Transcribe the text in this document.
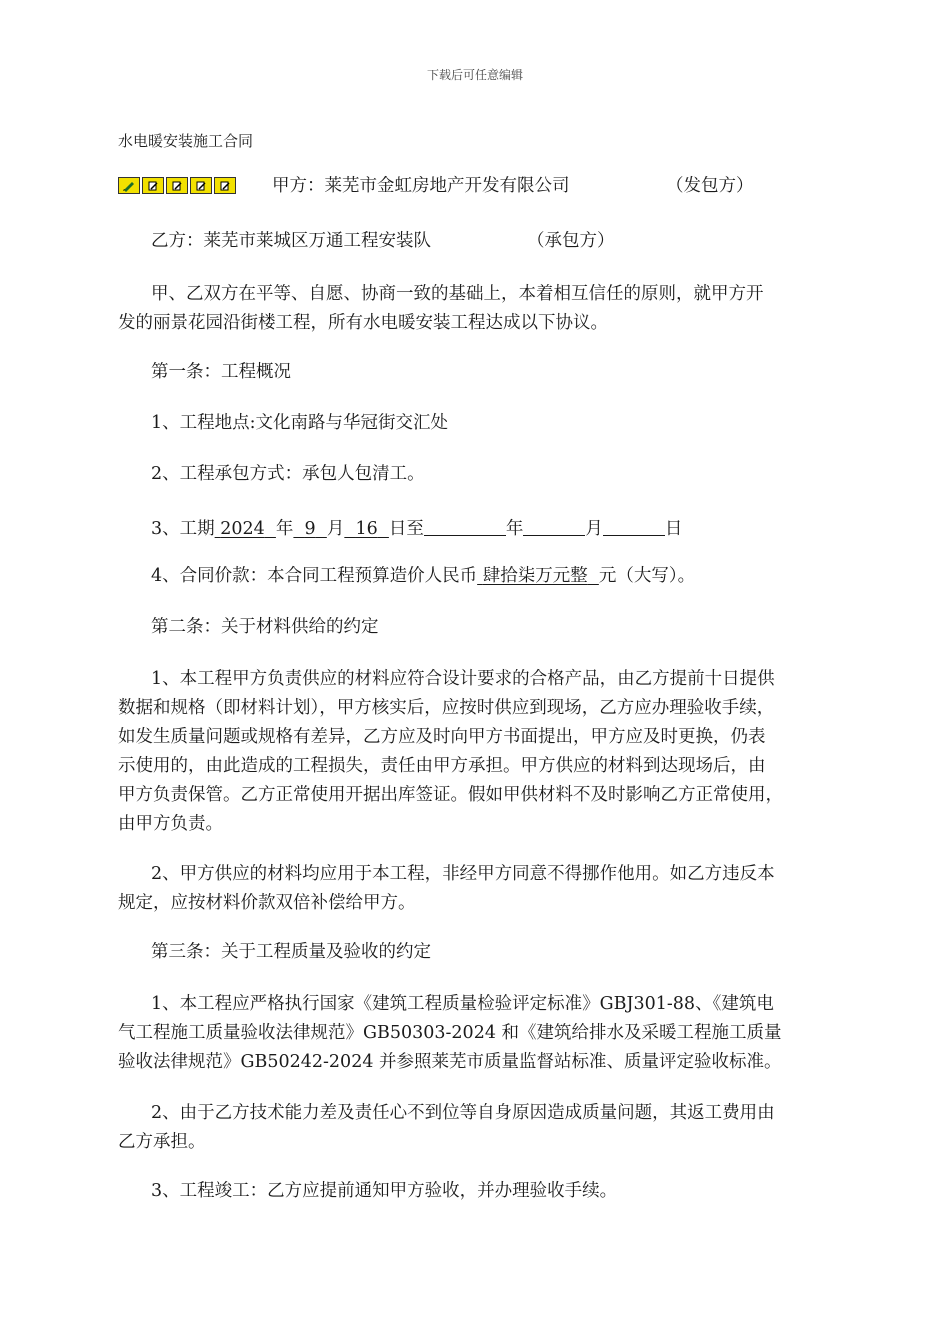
下载后可任意编辑
水电暖安装施工合同
甲方：莱芜市金虹房地产开发有限公司	（发包方）
乙方：莱芜市莱城区万通工程安装队	（承包方）
甲、乙双方在平等、自愿、协商一致的基础上，本着相互信任的原则，就甲方开
发的丽景花园沿街楼工程，所有水电暖安装工程达成以下协议。
第一条：工程概况
1、工程地点:文化南路与华冠街交汇处
2、工程承包方式：承包人包清工。
3、工期 2024 年 9 月 16 日至	年	月	日
4、合同价款：本合同工程预算造价人民币 肆拾柒万元整 元（大写）。
第二条：关于材料供给的约定
1、本工程甲方负责供应的材料应符合设计要求的合格产品，由乙方提前十日提供
数据和规格（即材料计划），甲方核实后，应按时供应到现场，乙方应办理验收手续，
如发生质量问题或规格有差异，乙方应及时向甲方书面提出，甲方应及时更换，仍表
示使用的，由此造成的工程损失，责任由甲方承担。甲方供应的材料到达现场后，由
甲方负责保管。乙方正常使用开据出库签证。假如甲供材料不及时影响乙方正常使用，
由甲方负责。
2、甲方供应的材料均应用于本工程，非经甲方同意不得挪作他用。如乙方违反本
规定，应按材料价款双倍补偿给甲方。
第三条：关于工程质量及验收的约定
1、本工程应严格执行国家《建筑工程质量检验评定标准》GBJ301-88、《建筑电
气工程施工质量验收法律规范》GB50303-2024 和《建筑给排水及采暖工程施工质量
验收法律规范》GB50242-2024 并参照莱芜市质量监督站标准、质量评定验收标准。
2、由于乙方技术能力差及责任心不到位等自身原因造成质量问题，其返工费用由
乙方承担。
3、工程竣工：乙方应提前通知甲方验收，并办理验收手续。
